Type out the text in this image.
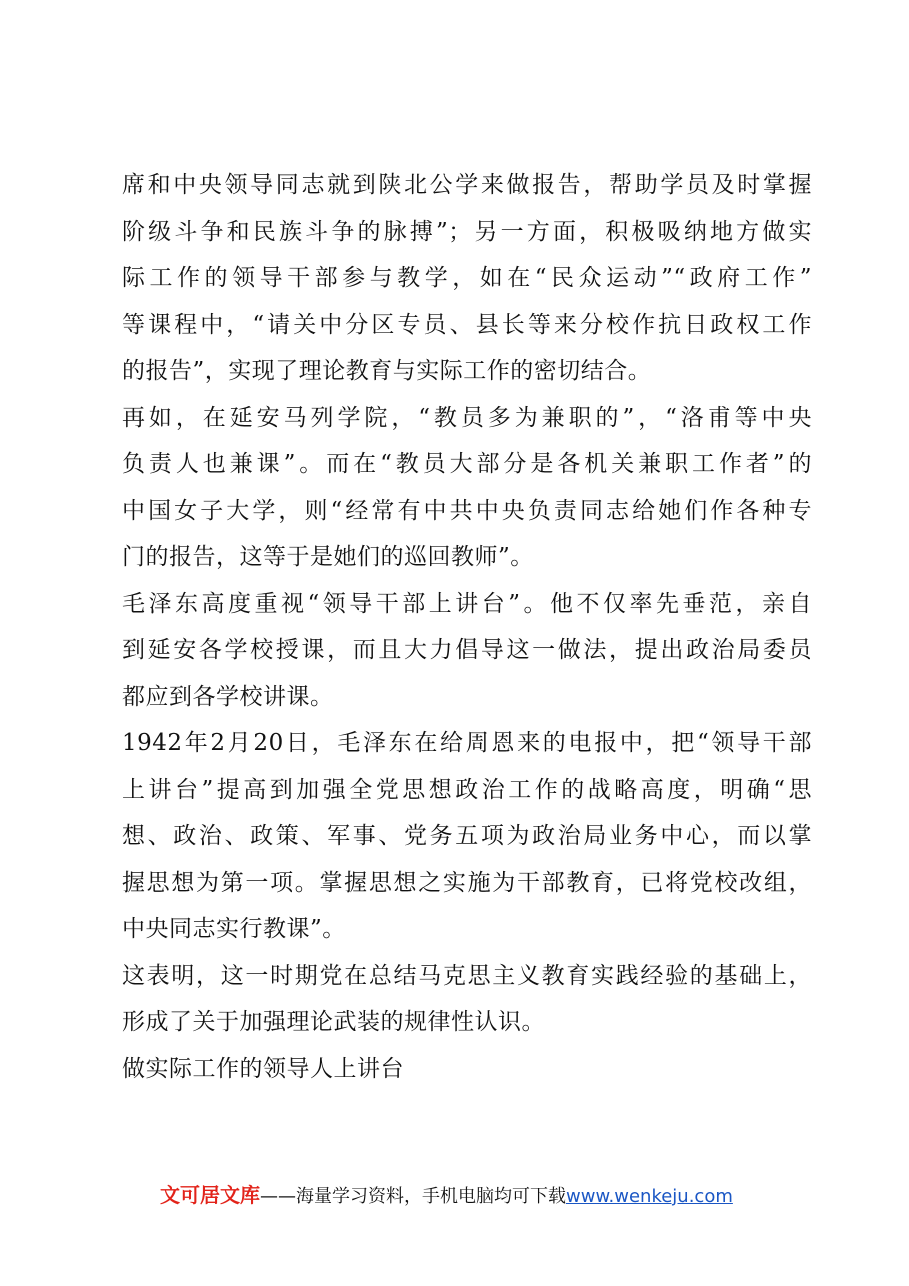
席和中央领导同志就到陕北公学来做报告，帮助学员及时掌握
阶级斗争和民族斗争的脉搏”；另一方面，积极吸纳地方做实
际工作的领导干部参与教学，如在“民众运动”“政府工作”
等课程中，“请关中分区专员、县长等来分校作抗日政权工作
的报告”，实现了理论教育与实际工作的密切结合。
再如，在延安马列学院，“教员多为兼职的”，“洛甫等中央
负责人也兼课”。而在“教员大部分是各机关兼职工作者”的
中国女子大学，则“经常有中共中央负责同志给她们作各种专
门的报告，这等于是她们的巡回教师”。
毛泽东高度重视“领导干部上讲台”。他不仅率先垂范，亲自
到延安各学校授课，而且大力倡导这一做法，提出政治局委员
都应到各学校讲课。
1942年2月20日，毛泽东在给周恩来的电报中，把“领导干部
上讲台”提高到加强全党思想政治工作的战略高度，明确“思
想、政治、政策、军事、党务五项为政治局业务中心，而以掌
握思想为第一项。掌握思想之实施为干部教育，已将党校改组，
中央同志实行教课”。
这表明，这一时期党在总结马克思主义教育实践经验的基础上，
形成了关于加强理论武装的规律性认识。
做实际工作的领导人上讲台
文可居文库——海量学习资料，手机电脑均可下载www.wenkeju.com
